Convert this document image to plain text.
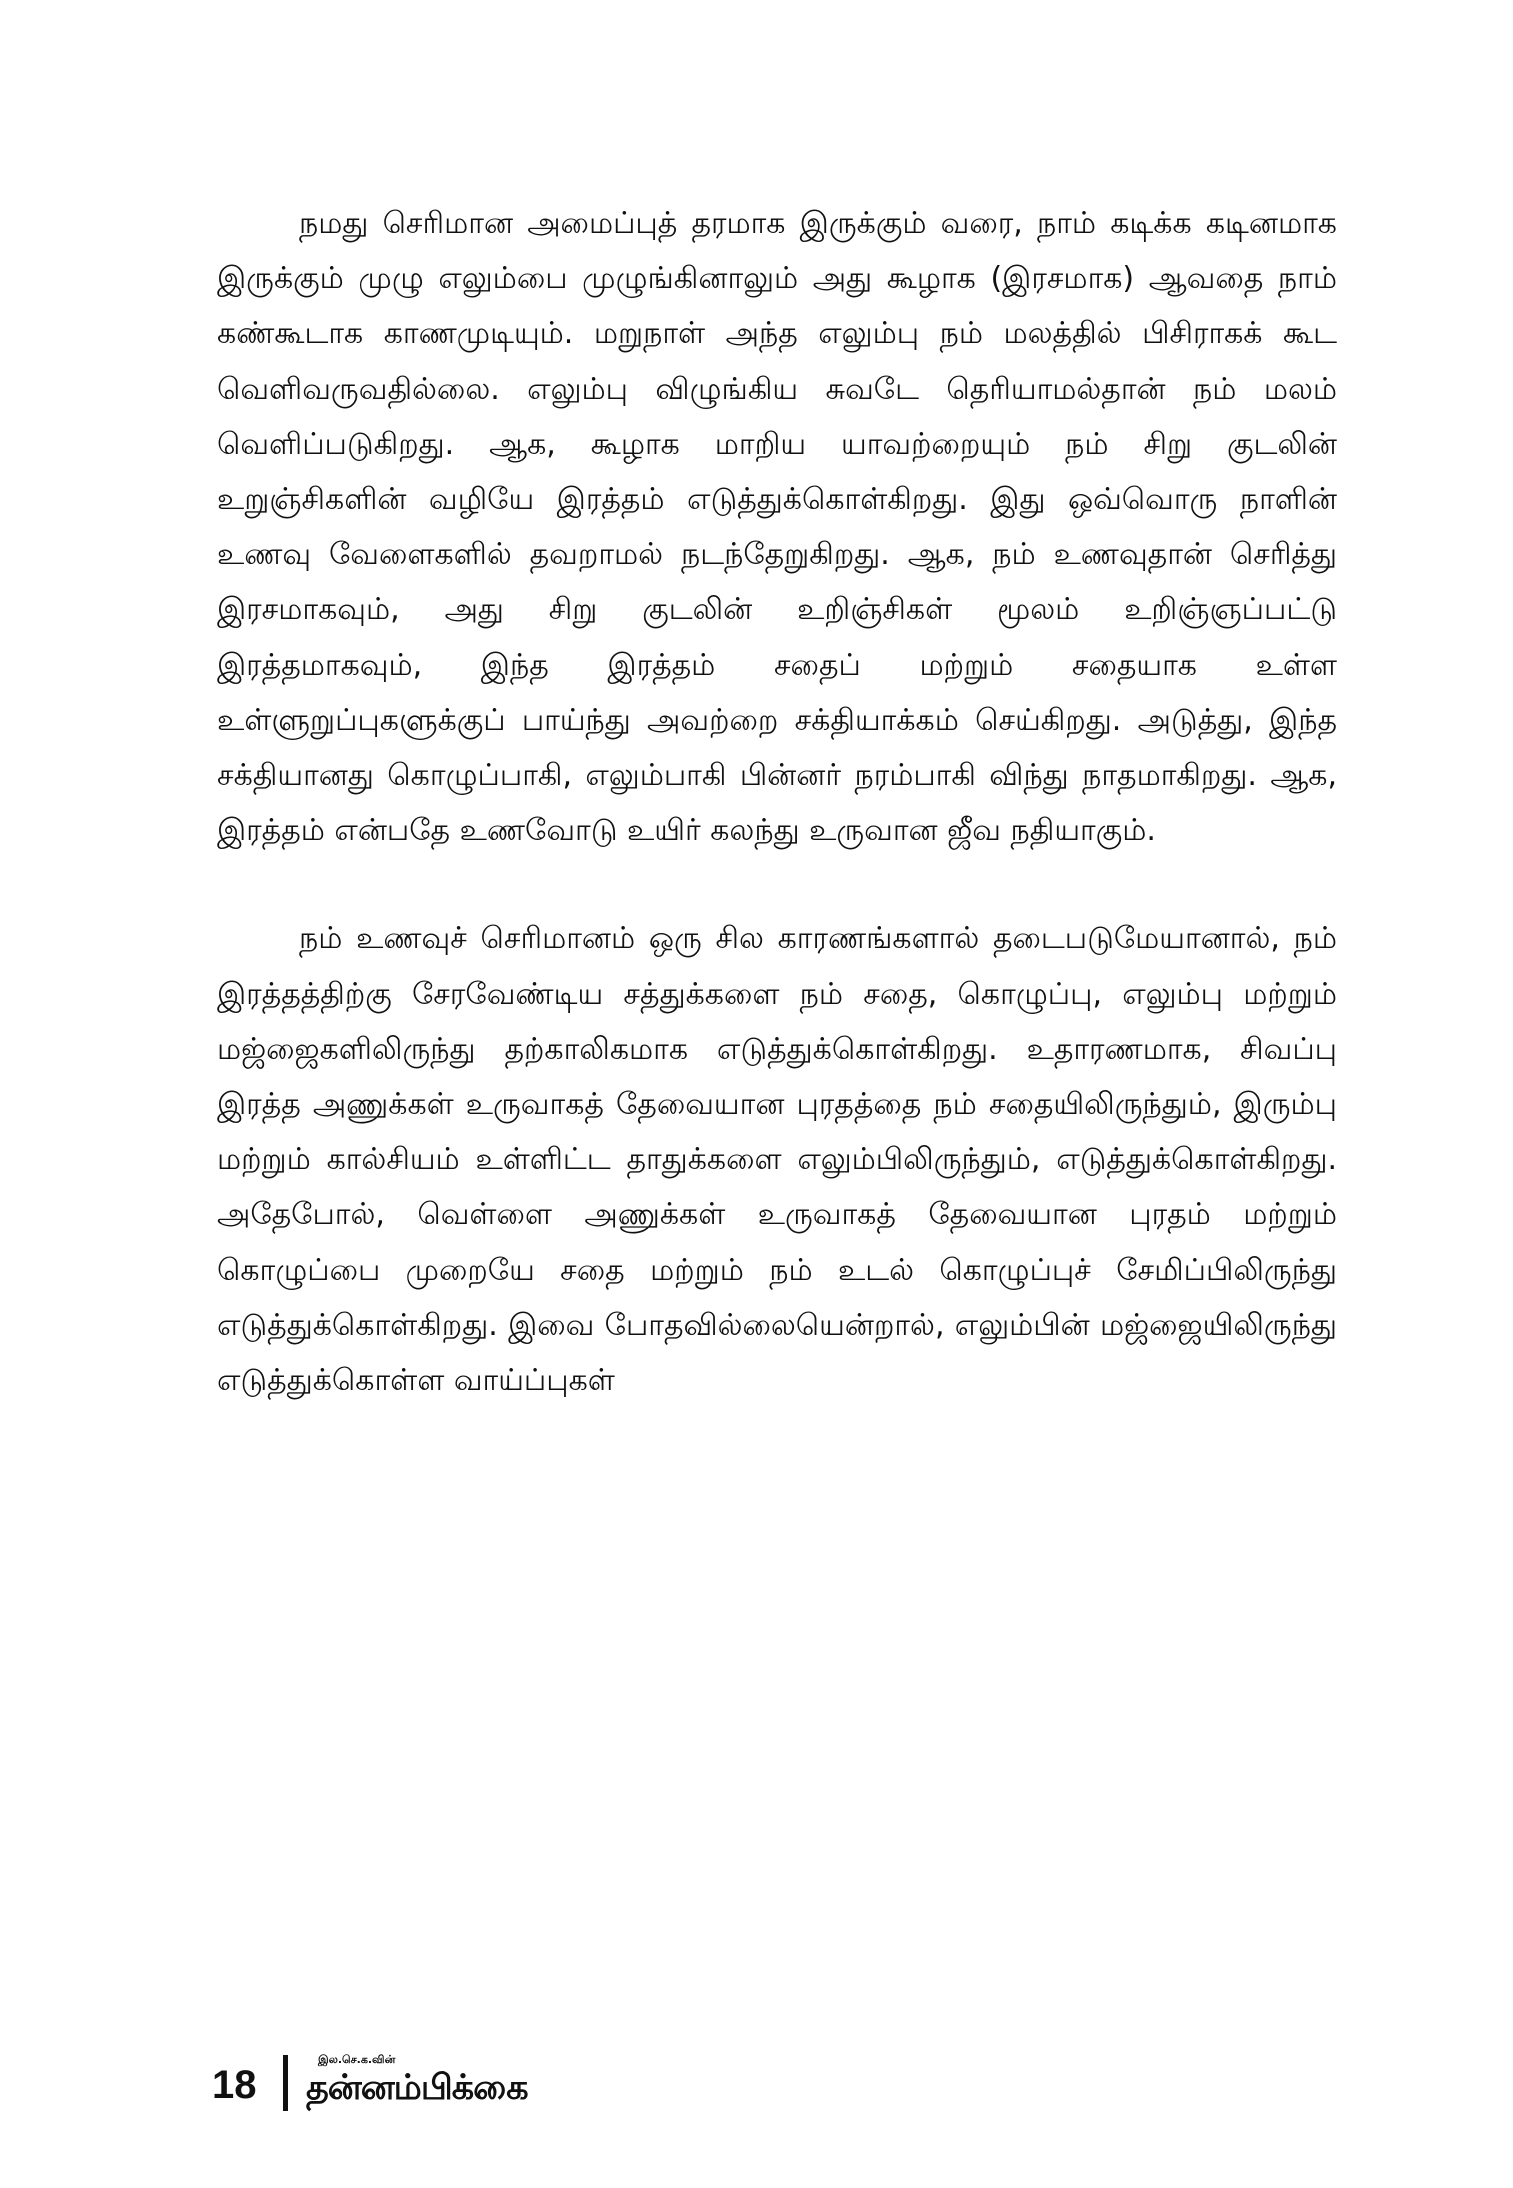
நமது செரிமான அமைப்புத் தரமாக இருக்கும் வரை, நாம் கடிக்க கடினமாக இருக்கும் முழு எலும்பை முழுங்கினாலும் அது கூழாக (இரசமாக) ஆவதை நாம் கண்கூடாக காணமுடியும். மறுநாள் அந்த எலும்பு நம் மலத்தில் பிசிராகக் கூட வெளிவருவதில்லை. எலும்பு விழுங்கிய சுவடே தெரியாமல்தான் நம் மலம் வெளிப்படுகிறது. ஆக, கூழாக மாறிய யாவற்றையும் நம் சிறு குடலின் உறுஞ்சிகளின் வழியே இரத்தம் எடுத்துக்கொள்கிறது. இது ஒவ்வொரு நாளின் உணவு வேளைகளில் தவறாமல் நடந்தேறுகிறது. ஆக, நம் உணவுதான் செரித்து இரசமாகவும், அது சிறு குடலின் உறிஞ்சிகள் மூலம் உறிஞ்ஞப்பட்டு இரத்தமாகவும், இந்த இரத்தம் சதைப் மற்றும் சதையாக உள்ள உள்ளுறுப்புகளுக்குப் பாய்ந்து அவற்றை சக்தியாக்கம் செய்கிறது. அடுத்து, இந்த சக்தியானது கொழுப்பாகி, எலும்பாகி பின்னர் நரம்பாகி விந்து நாதமாகிறது. ஆக, இரத்தம் என்பதே உணவோடு உயிர் கலந்து உருவான ஜீவ நதியாகும்.

நம் உணவுச் செரிமானம் ஒரு சில காரணங்களால் தடைபடுமேயானால், நம் இரத்தத்திற்கு சேரவேண்டிய சத்துக்களை நம் சதை, கொழுப்பு, எலும்பு மற்றும் மஜ்ஜைகளிலிருந்து தற்காலிகமாக எடுத்துக்கொள்கிறது. உதாரணமாக, சிவப்பு இரத்த அணுக்கள் உருவாகத் தேவையான புரதத்தை நம் சதையிலிருந்தும், இரும்பு மற்றும் கால்சியம் உள்ளிட்ட தாதுக்களை எலும்பிலிருந்தும், எடுத்துக்கொள்கிறது. அதேபோல், வெள்ளை அணுக்கள் உருவாகத் தேவையான புரதம் மற்றும் கொழுப்பை முறையே சதை மற்றும் நம் உடல் கொழுப்புச் சேமிப்பிலிருந்து எடுத்துக்கொள்கிறது. இவை போதவில்லையென்றால், எலும்பின் மஜ்ஜையிலிருந்து எடுத்துக்கொள்ள வாய்ப்புகள்

18
இல.செ.க.வின்
தன்னம்பிக்கை
